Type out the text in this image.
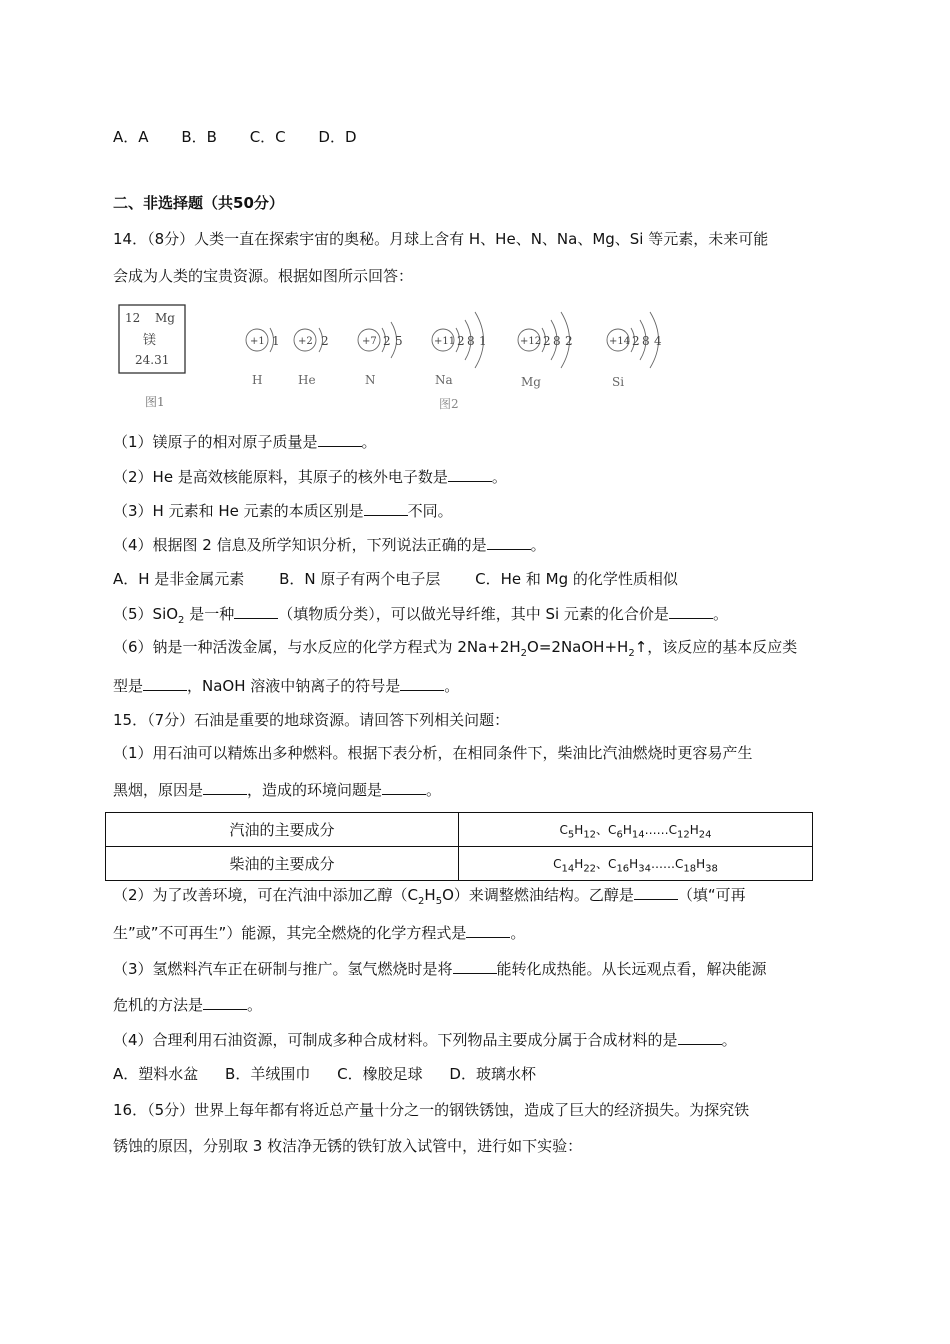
A．A B．B C．C D．D
二、非选择题（共50分）
14．（8分）人类一直在探索宇宙的奥秘。月球上含有 H、He、N、Na、Mg、Si 等元素，未来可能
会成为人类的宝贵资源。根据如图所示回答：
12 Mg
镁
24.31
图1
+1	+2	+7	+11	+12	+14
1	2	2 5	2 8 1	2 8 2	2 8 4
H	He	N	Na	Mg	Si
图2
（1）镁原子的相对原子质量是	。
（2）He 是高效核能原料，其原子的核外电子数是	。
（3）H 元素和 He 元素的本质区别是	不同。
（4）根据图 2 信息及所学知识分析，下列说法正确的是	。
A．H 是非金属元素 B．N 原子有两个电子层 C．He 和 Mg 的化学性质相似
（5）SiO$_2$ 是一种	（填物质分类），可以做光导纤维，其中 Si 元素的化合价是	。
（6）钠是一种活泼金属，与水反应的化学方程式为 $2Na+2H_2O=2NaOH+H_2↑$，该反应的基本反应类
型是	，NaOH 溶液中钠离子的符号是	。
15．（7分）石油是重要的地球资源。请回答下列相关问题：
（1）用石油可以精炼出多种燃料。根据下表分析，在相同条件下，柴油比汽油燃烧时更容易产生
黑烟，原因是	，造成的环境问题是	。
汽油的主要成分	$C_5H_{12}$、$C_6H_{14}\dots\dots C_{12}H_{24}$
柴油的主要成分	$C_{14}H_{22}$、$C_{16}H_{34}\dots\dots C_{18}H_{38}$
（2）为了改善环境，可在汽油中添加乙醇$(C_2H_5O)$来调整燃油结构。乙醇是	（填“可再
生”或”不可再生”）能源，其完全燃烧的化学方程式是	。
（3）氢燃料汽车正在研制与推广。氢气燃烧时是将	能转化成热能。从长远观点看，解决能源
危机的方法是	。
（4）合理利用石油资源，可制成多种合成材料。下列物品主要成分属于合成材料的是	。
A．塑料水盆 B．羊绒围巾 C．橡胶足球 D．玻璃水杯
16．（5分）世界上每年都有将近总产量十分之一的钢铁锈蚀，造成了巨大的经济损失。为探究铁
锈蚀的原因，分别取 3 枚洁净无锈的铁钉放入试管中，进行如下实验：
